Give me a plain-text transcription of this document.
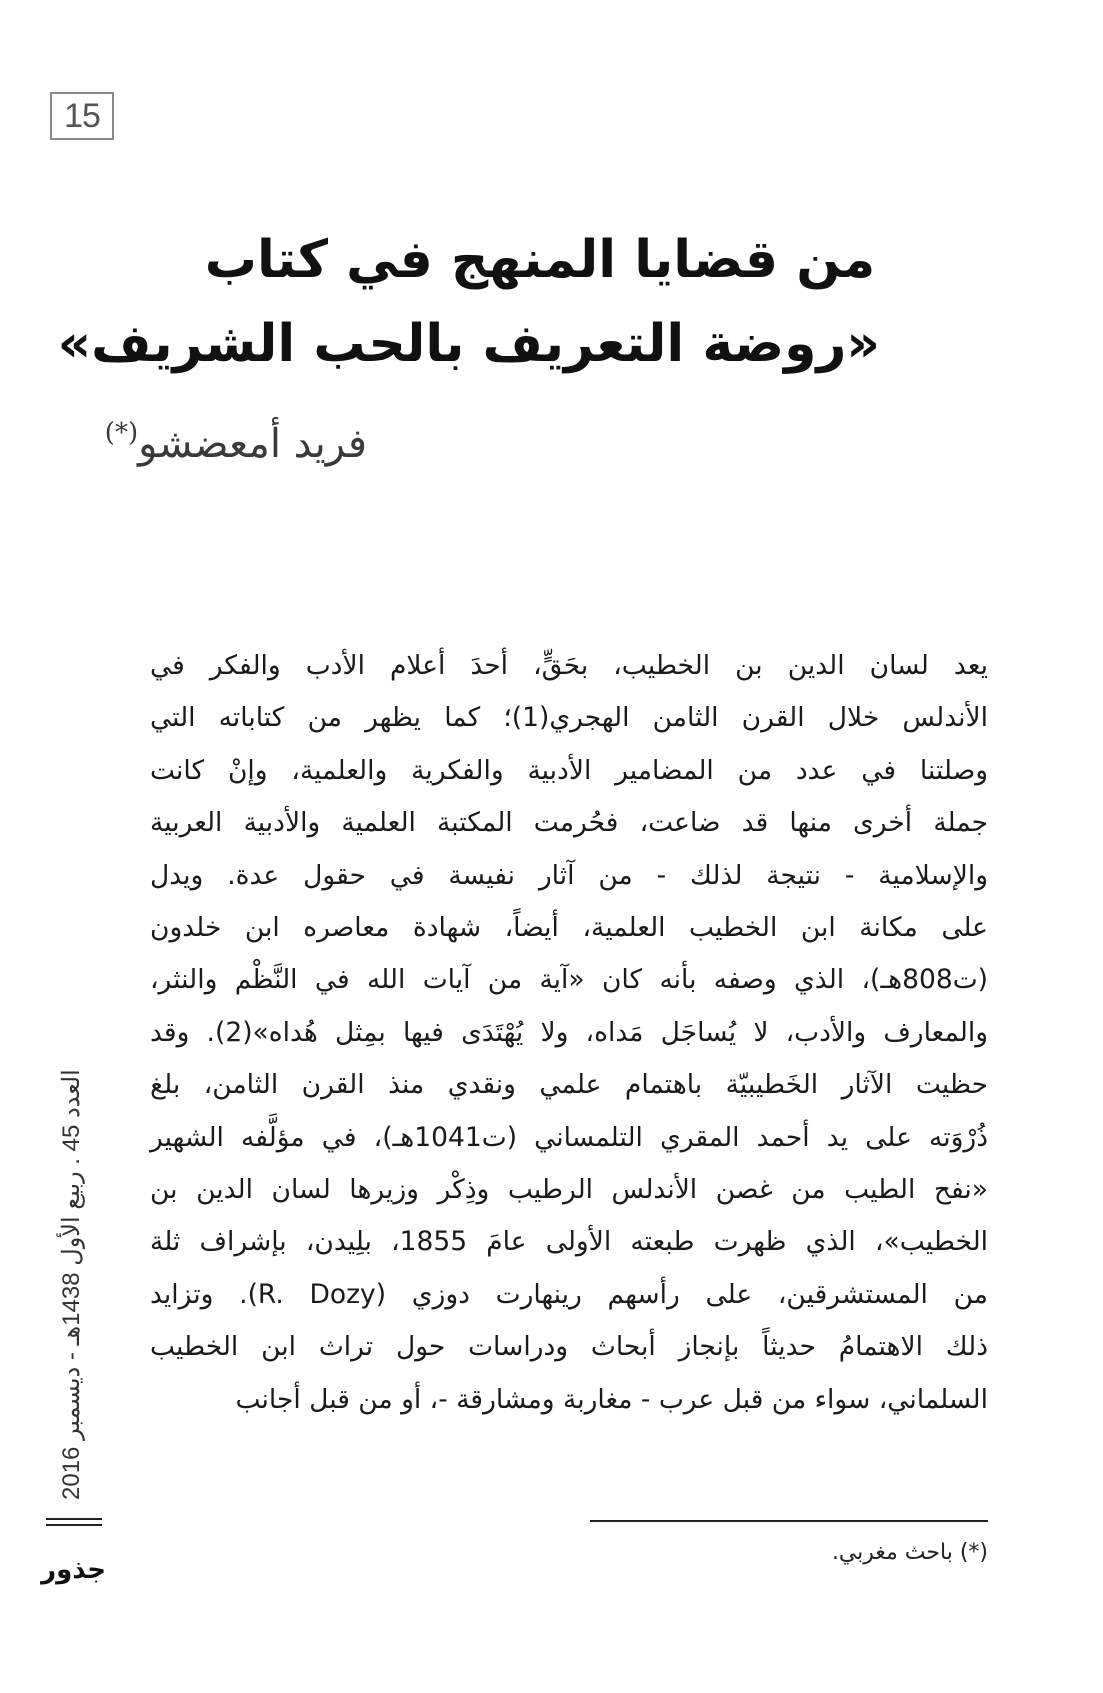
15
من قضايا المنهج في كتاب
«روضة التعريف بالحب الشريف»
فريد أمعضشو(*)
يعد لسان الدين بن الخطيب، بحَقٍّ، أحدَ أعلام الأدب والفكر في
الأندلس خلال القرن الثامن الهجري(1)؛ كما يظهر من كتاباته التي
وصلتنا في عدد من المضامير الأدبية والفكرية والعلمية، وإنْ كانت
جملة أخرى منها قد ضاعت، فحُرمت المكتبة العلمية والأدبية العربية
والإسلامية - نتيجة لذلك - من آثار نفيسة في حقول عدة. ويدل
على مكانة ابن الخطيب العلمية، أيضاً، شهادة معاصره ابن خلدون
(ت808هـ)، الذي وصفه بأنه كان «آية من آيات الله في النَّظْم والنثر،
والمعارف والأدب، لا يُساجَل مَداه، ولا يُهْتَدَى فيها بمِثل هُداه»(2). وقد
حظيت الآثار الخَطيبيّة باهتمام علمي ونقدي منذ القرن الثامن، بلغ
ذُرْوَته على يد أحمد المقري التلمساني (ت1041هـ)، في مؤلَّفه الشهير
«نفح الطيب من غصن الأندلس الرطيب وذِكْر وزيرها لسان الدين بن
الخطيب»، الذي ظهرت طبعته الأولى عامَ 1855، بلِيدن، بإشراف ثلة
من المستشرقين، على رأسهم رينهارت دوزي (R. Dozy). وتزايد
ذلك الاهتمامُ حديثاً بإنجاز أبحاث ودراسات حول تراث ابن الخطيب
السلماني، سواء من قبل عرب - مغاربة ومشارقة -، أو من قبل أجانب
(*) باحث مغربي.
العدد 45 . ربيع الأول 1438هـ - ديسمبر 2016
جذور
